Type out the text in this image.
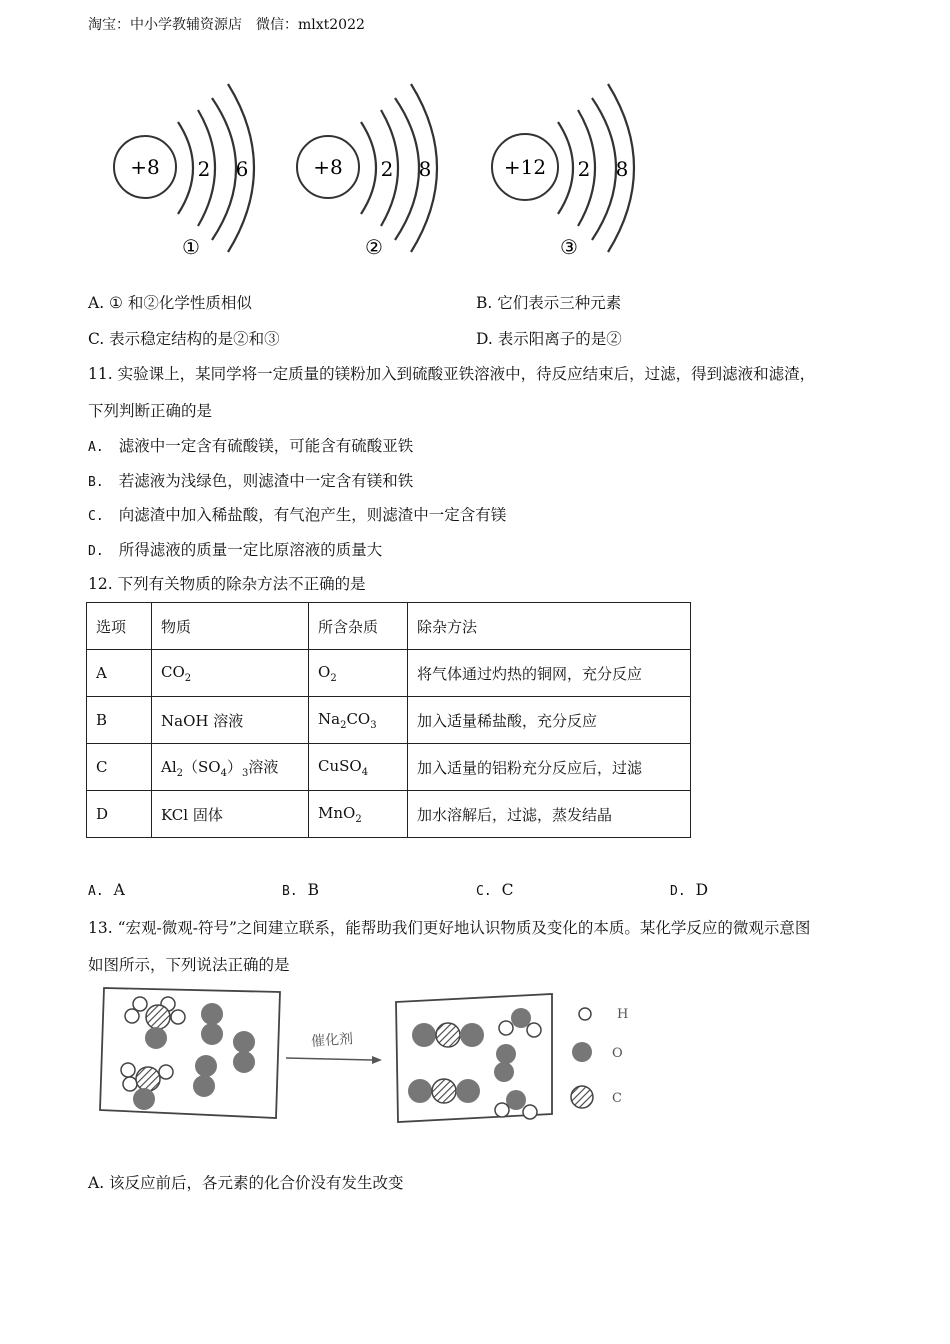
淘宝：中小学教辅资源店　微信：mlxt2022
+8 2 6
①
+8 2 8
②
+12 2 8
③
A. ① 和②化学性质相似	B. 它们表示三种元素
C. 表示稳定结构的是②和③	D. 表示阳离子的是②
11. 实验课上，某同学将一定质量的镁粉加入到硫酸亚铁溶液中，待反应结束后，过滤，得到滤液和滤渣，
下列判断正确的是
A. 滤液中一定含有硫酸镁，可能含有硫酸亚铁
B. 若滤液为浅绿色，则滤渣中一定含有镁和铁
C. 向滤渣中加入稀盐酸，有气泡产生，则滤渣中一定含有镁
D. 所得滤液的质量一定比原溶液的质量大
12. 下列有关物质的除杂方法不正确的是
选项	物质	所含杂质	除杂方法
A	$CO_2$	$O_2$	将气体通过灼热的铜网，充分反应
B	NaOH 溶液	$Na_2CO_3$	加入适量稀盐酸，充分反应
C	$Al_2(SO_4)_3$溶液	CuSO$_4$	加入适量的铝粉充分反应后，过滤
D	KCl 固体	MnO$_2$	加水溶解后，过滤，蒸发结晶
A. A	B. B	C. C	D. D
13. “宏观-微观-符号”之间建立联系，能帮助我们更好地认识物质及变化的本质。某化学反应的微观示意图
如图所示，下列说法正确的是
催化剂
H
O
C
A. 该反应前后，各元素的化合价没有发生改变
